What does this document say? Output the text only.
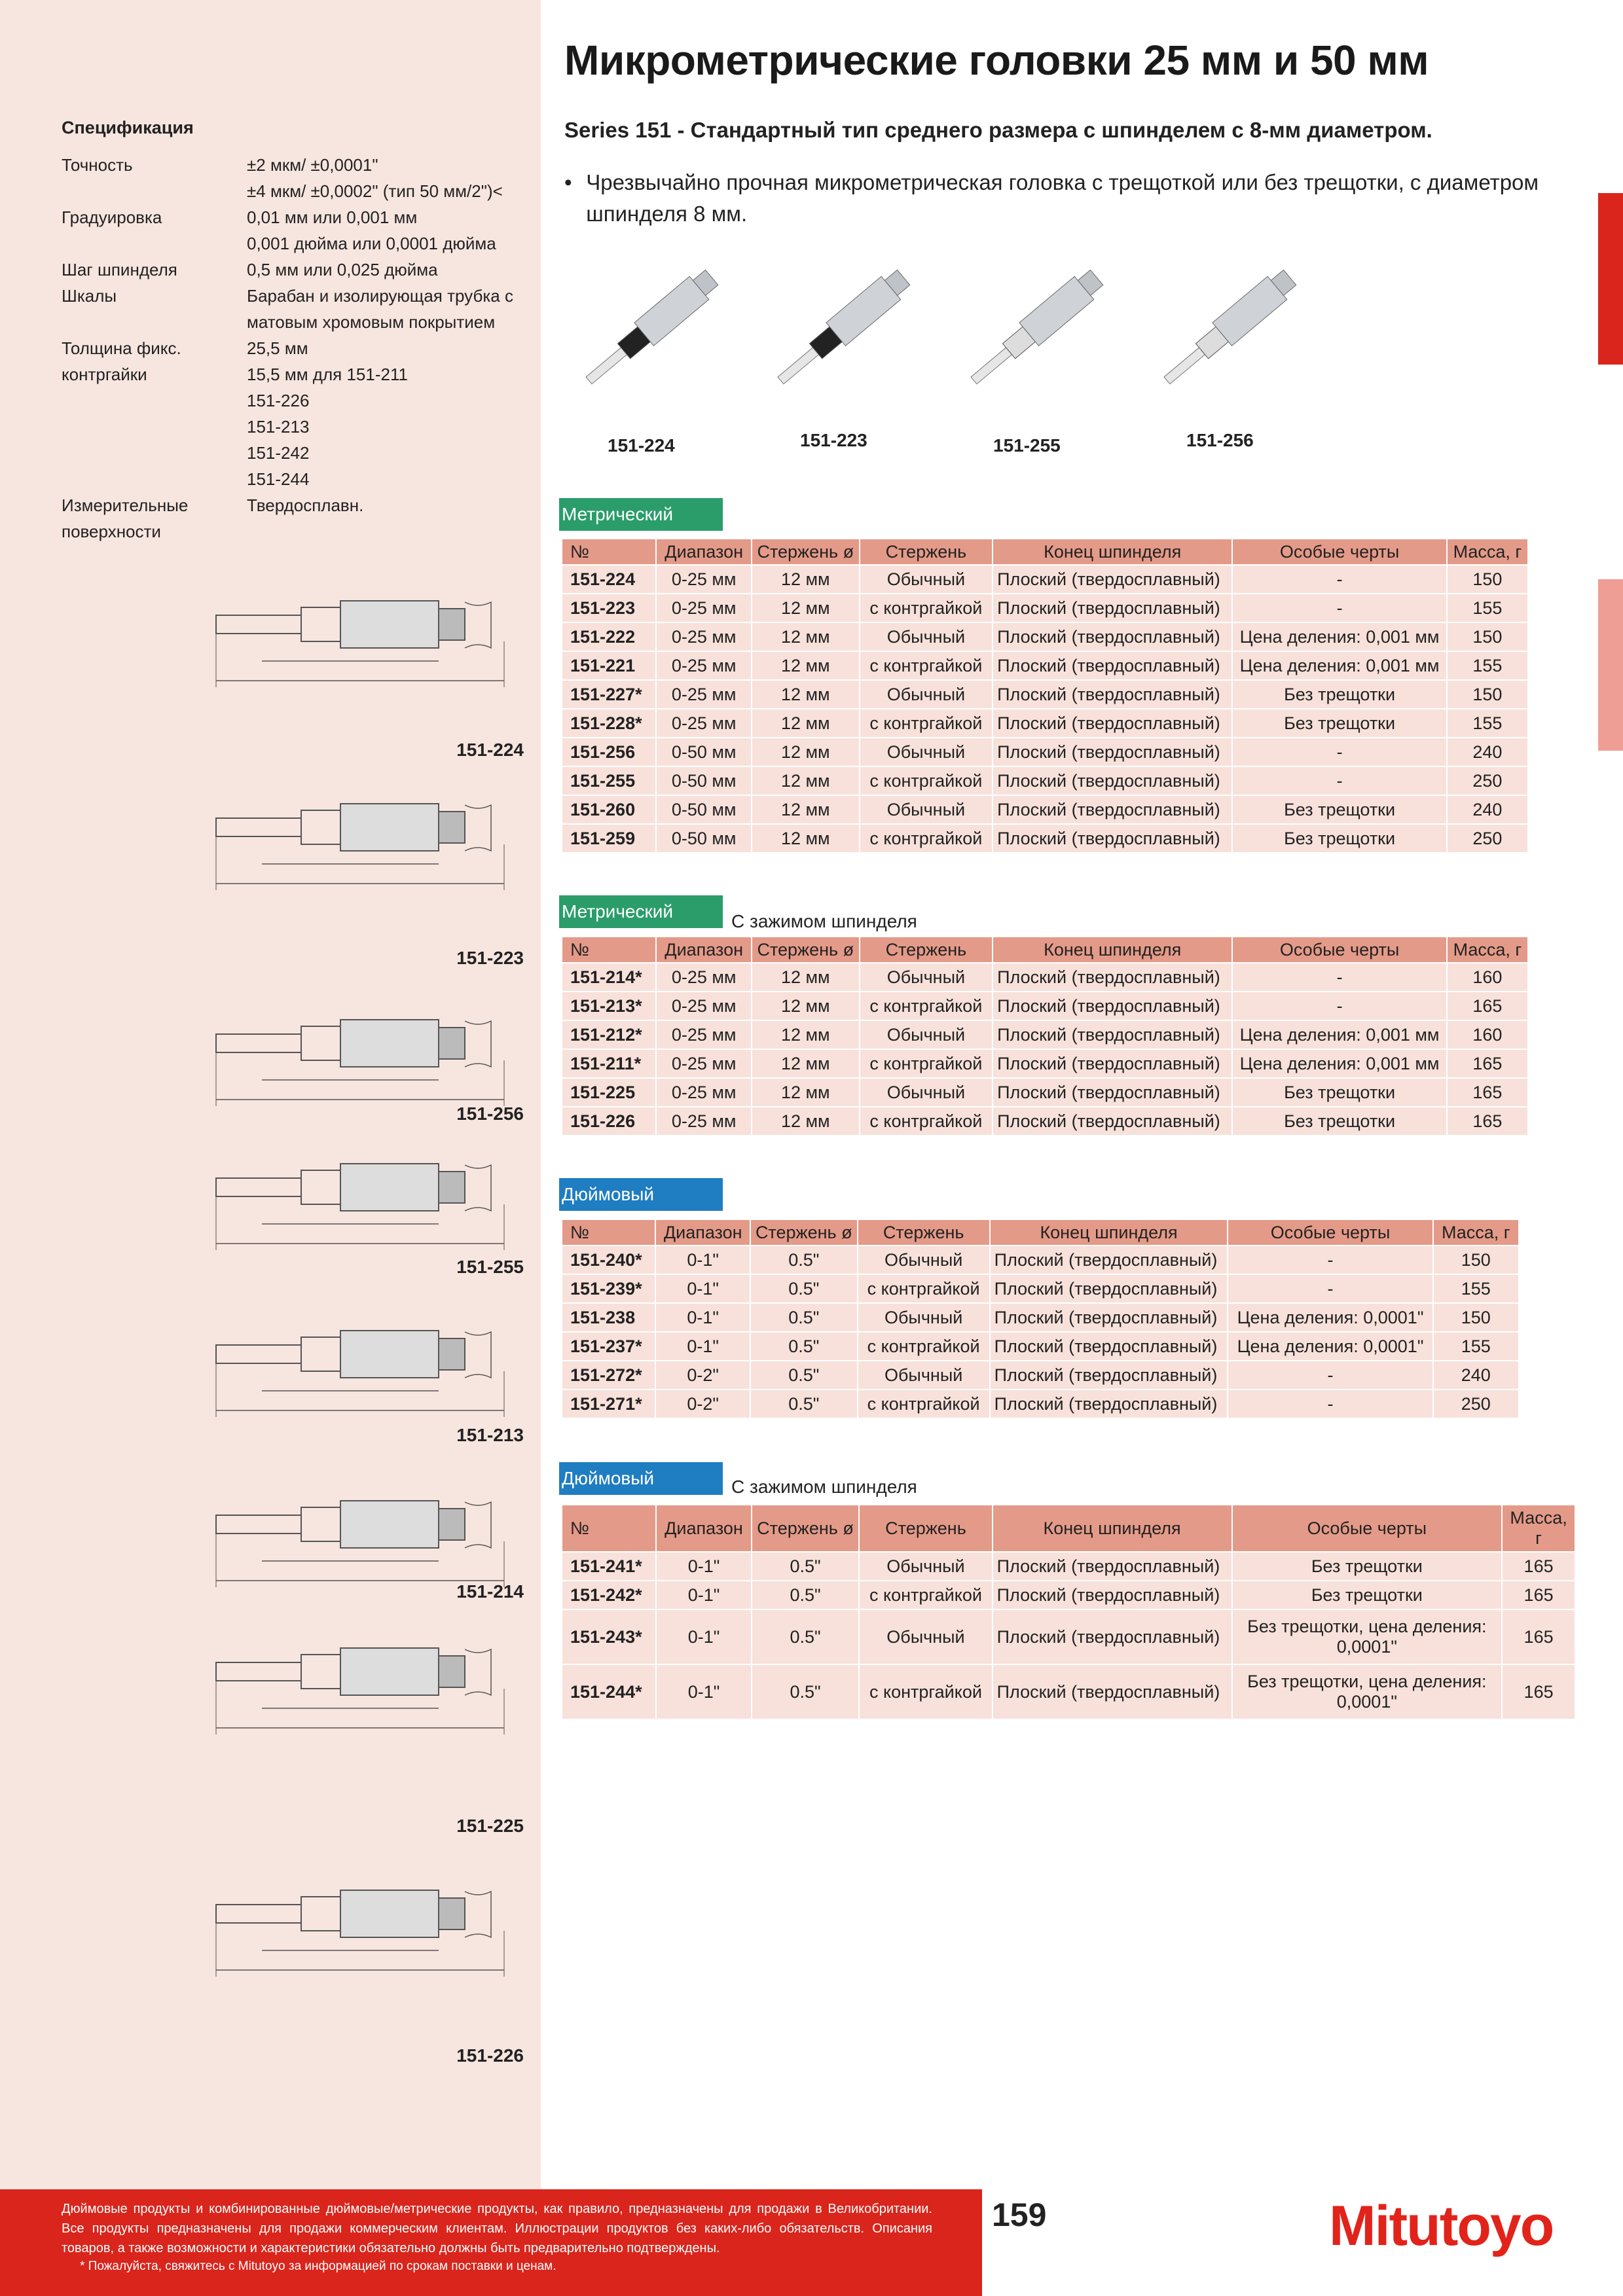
Спецификация
Точность	±2 мкм/ ±0,0001"
±4 мкм/ ±0,0002" (тип 50 мм/2")<
Градуировка	0,01 мм или 0,001 мм
0,001 дюйма или 0,0001 дюйма
Шаг шпинделя	0,5 мм или 0,025 дюйма
Шкалы	Барабан и изолирующая трубка с
матовым хромовым покрытием
Толщина фикс.	25,5 мм
контргайки	15,5 мм для 151-211
151-226
151-213
151-242
151-244
Измерительные	Твердосплавн.
поверхности
151-224
151-223
151-256
151-255
151-213
151-214
151-225
151-226
Микрометрические головки 25 мм и 50 мм
Series 151 - Стандартный тип среднего размера с шпинделем с 8-мм диаметром.
• Чрезвычайно прочная микрометрическая головка с трещоткой или без трещотки, с диаметром шпинделя 8 мм.
151-224	151-223	151-255	151-256
Метрический
№	Диапазон	Стержень ø	Стержень	Конец шпинделя	Особые черты	Масса, г
151-224	0-25 мм	12 мм	Обычный	Плоский (твердосплавный)	-	150
151-223	0-25 мм	12 мм	с контргайкой	Плоский (твердосплавный)	-	155
151-222	0-25 мм	12 мм	Обычный	Плоский (твердосплавный)	Цена деления: 0,001 мм	150
151-221	0-25 мм	12 мм	с контргайкой	Плоский (твердосплавный)	Цена деления: 0,001 мм	155
151-227*	0-25 мм	12 мм	Обычный	Плоский (твердосплавный)	Без трещотки	150
151-228*	0-25 мм	12 мм	с контргайкой	Плоский (твердосплавный)	Без трещотки	155
151-256	0-50 мм	12 мм	Обычный	Плоский (твердосплавный)	-	240
151-255	0-50 мм	12 мм	с контргайкой	Плоский (твердосплавный)	-	250
151-260	0-50 мм	12 мм	Обычный	Плоский (твердосплавный)	Без трещотки	240
151-259	0-50 мм	12 мм	с контргайкой	Плоский (твердосплавный)	Без трещотки	250
Метрический	С зажимом шпинделя
№	Диапазон	Стержень ø	Стержень	Конец шпинделя	Особые черты	Масса, г
151-214*	0-25 мм	12 мм	Обычный	Плоский (твердосплавный)	-	160
151-213*	0-25 мм	12 мм	с контргайкой	Плоский (твердосплавный)	-	165
151-212*	0-25 мм	12 мм	Обычный	Плоский (твердосплавный)	Цена деления: 0,001 мм	160
151-211*	0-25 мм	12 мм	с контргайкой	Плоский (твердосплавный)	Цена деления: 0,001 мм	165
151-225	0-25 мм	12 мм	Обычный	Плоский (твердосплавный)	Без трещотки	165
151-226	0-25 мм	12 мм	с контргайкой	Плоский (твердосплавный)	Без трещотки	165
Дюймовый
№	Диапазон	Стержень ø	Стержень	Конец шпинделя	Особые черты	Масса, г
151-240*	0-1"	0.5"	Обычный	Плоский (твердосплавный)	-	150
151-239*	0-1"	0.5"	с контргайкой	Плоский (твердосплавный)	-	155
151-238	0-1"	0.5"	Обычный	Плоский (твердосплавный)	Цена деления: 0,0001"	150
151-237*	0-1"	0.5"	с контргайкой	Плоский (твердосплавный)	Цена деления: 0,0001"	155
151-272*	0-2"	0.5"	Обычный	Плоский (твердосплавный)	-	240
151-271*	0-2"	0.5"	с контргайкой	Плоский (твердосплавный)	-	250
Дюймовый	С зажимом шпинделя
№	Диапазон	Стержень ø	Стержень	Конец шпинделя	Особые черты	Масса, г
151-241*	0-1"	0.5"	Обычный	Плоский (твердосплавный)	Без трещотки	165
151-242*	0-1"	0.5"	с контргайкой	Плоский (твердосплавный)	Без трещотки	165
151-243*	0-1"	0.5"	Обычный	Плоский (твердосплавный)	Без трещотки, цена деления: 0,0001"	165
151-244*	0-1"	0.5"	с контргайкой	Плоский (твердосплавный)	Без трещотки, цена деления: 0,0001"	165
Дюймовые продукты и комбинированные дюймовые/метрические продукты, как правило, предназначены для продажи в Великобритании. Все продукты предназначены для продажи коммерческим клиентам. Иллюстрации продуктов без каких-либо обязательств. Описания товаров, а также возможности и характеристики обязательно должны быть предварительно подтверждены.
* Пожалуйста, свяжитесь с Mitutoyo за информацией по срокам поставки и ценам.
159	Mitutoyo
